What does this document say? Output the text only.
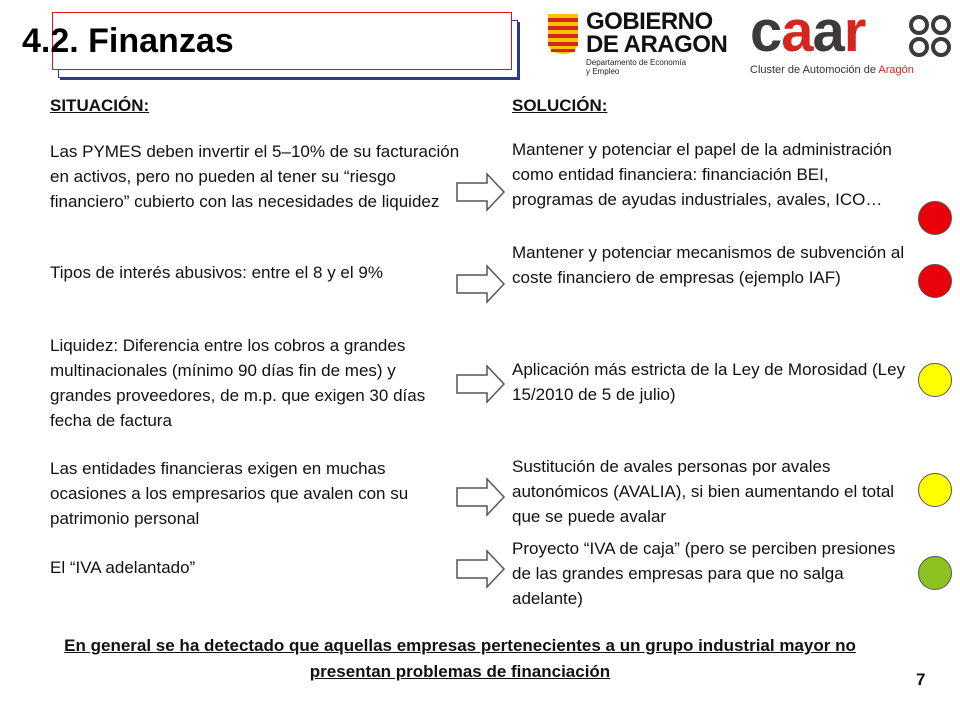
4.2. Finanzas
GOBIERNO
DE ARAGON
Departamento de Economía
y Empleo
caar
Cluster de Automoción de Aragón
SITUACIÓN:	SOLUCIÓN:
Las PYMES deben invertir el 5–10% de su facturación en activos, pero no pueden al tener su “riesgo financiero” cubierto con las necesidades de liquidez
Mantener y potenciar el papel de la administración como entidad financiera: financiación BEI, programas de ayudas industriales, avales, ICO…
Tipos de interés abusivos: entre el 8 y el 9%
Mantener y potenciar mecanismos de subvención al coste financiero de empresas (ejemplo IAF)
Liquidez: Diferencia entre los cobros a grandes multinacionales (mínimo 90 días fin de mes) y grandes proveedores, de m.p. que exigen 30 días fecha de factura
Aplicación más estricta de la Ley de Morosidad (Ley 15/2010 de 5 de julio)
Las entidades financieras exigen en muchas ocasiones a los empresarios que avalen con su patrimonio personal
Sustitución de avales personas por avales autonómicos (AVALIA), si bien aumentando el total que se puede avalar
El “IVA adelantado”
Proyecto “IVA de caja” (pero se perciben presiones de las grandes empresas para que no salga adelante)
En general se ha detectado que aquellas empresas pertenecientes a un grupo industrial mayor no presentan problemas de financiación	7
